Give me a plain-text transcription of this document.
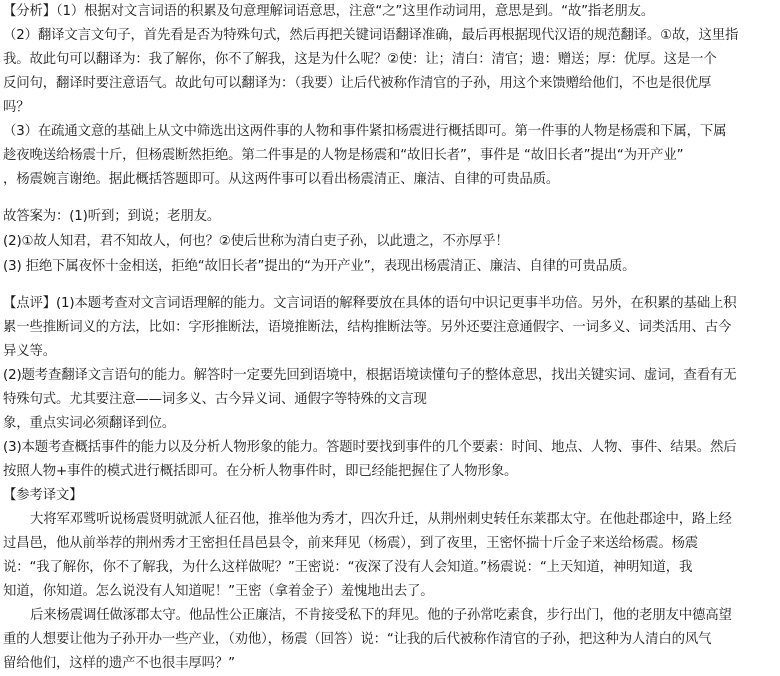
【分析】（1）根据对文言词语的积累及句意理解词语意思，注意“之”这里作动词用，意思是到。“故”指老朋友。
（2）翻译文言文句子，首先看是否为特殊句式，然后再把关键词语翻译准确，最后再根据现代汉语的规范翻译。①故，这里指
我。故此句可以翻译为：我了解你，你不了解我，这是为什么呢？②使：让；清白：清官；遗：赠送；厚：优厚。这是一个
反问句，翻译时要注意语气。故此句可以翻译为：（我要）让后代被称作清官的子孙，用这个来馈赠给他们，不也是很优厚
吗？
（3）在疏通文意的基础上从文中筛选出这两件事的人物和事件紧扣杨震进行概括即可。第一件事的人物是杨震和下属，下属
趁夜晚送给杨震十斤，但杨震断然拒绝。第二件事是的人物是杨震和“故旧长者”，事件是 “故旧长者”提出“为开产业”
，杨震婉言谢绝。据此概括答题即可。从这两件事可以看出杨震清正、廉洁、自律的可贵品质。
故答案为：(1)听到；到说；老朋友。
(2)①故人知君，君不知故人，何也？②使后世称为清白吏子孙，以此遗之，不亦厚乎！
(3) 拒绝下属夜怀十金相送，拒绝“故旧长者”提出的“为开产业”，表现出杨震清正、廉洁、自律的可贵品质。
【点评】(1)本题考查对文言词语理解的能力。文言词语的解释要放在具体的语句中识记更事半功倍。另外，在积累的基础上积
累一些推断词义的方法，比如：字形推断法，语境推断法，结构推断法等。另外还要注意通假字、一词多义、词类活用、古今
异义等。
(2)题考查翻译文言语句的能力。解答时一定要先回到语境中，根据语境读懂句子的整体意思，找出关键实词、虚词，查看有无
特殊句式。尤其要注意——词多义、古今异义词、通假字等特殊的文言现
象，重点实词必须翻译到位。
(3)本题考查概括事件的能力以及分析人物形象的能力。答题时要找到事件的几个要素：时间、地点、人物、事件、结果。然后
按照人物+事件的模式进行概括即可。在分析人物事件时，即已经能把握住了人物形象。
【参考译文】
大将军邓骘听说杨震贤明就派人征召他，推举他为秀才，四次升迁，从荆州刺史转任东莱郡太守。在他赴郡途中，路上经
过昌邑，他从前举荐的荆州秀才王密担任昌邑县令，前来拜见（杨震），到了夜里，王密怀揣十斤金子来送给杨震。杨震
说：“我了解你，你不了解我，为什么这样做呢？”王密说：“夜深了没有人会知道。”杨震说：“上天知道，神明知道，我
知道，你知道。怎么说没有人知道呢！”王密（拿着金子）羞愧地出去了。
后来杨震调任做涿郡太守。他品性公正廉洁，不肯接受私下的拜见。他的子孙常吃素食，步行出门，他的老朋友中德高望
重的人想要让他为子孙开办一些产业，（劝他），杨震（回答）说：“让我的后代被称作清官的子孙，把这种为人清白的风气
留给他们，这样的遗产不也很丰厚吗？”
